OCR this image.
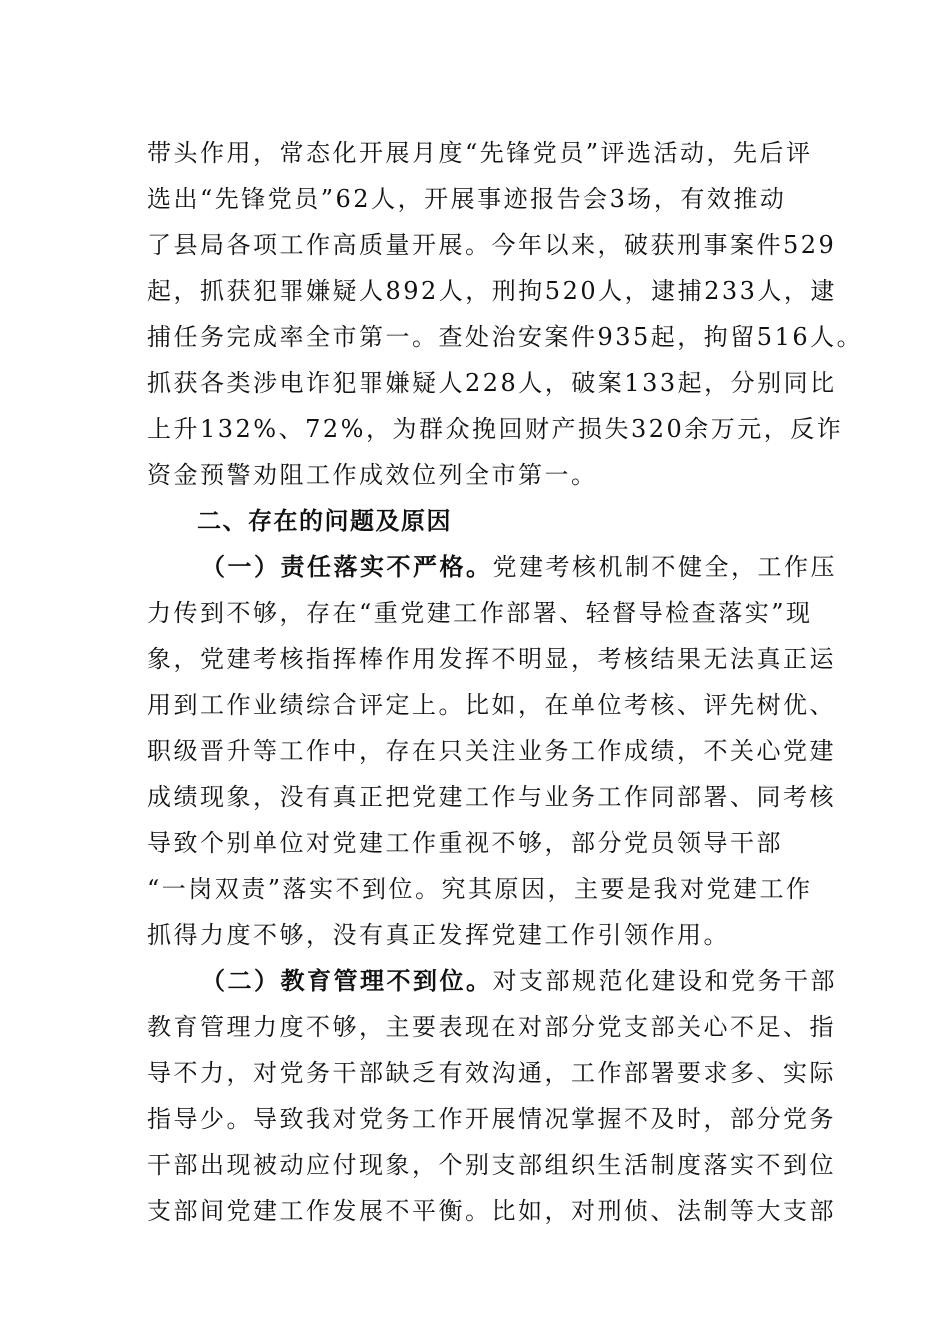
带头作用，常态化开展月度“先锋党员”评选活动，先后评
选出“先锋党员”62人，开展事迹报告会3场，有效推动
了县局各项工作高质量开展。今年以来，破获刑事案件529
起，抓获犯罪嫌疑人892人，刑拘520人，逮捕233人，逮
捕任务完成率全市第一。查处治安案件935起，拘留516人。
抓获各类涉电诈犯罪嫌疑人228人，破案133起，分别同比
上升132%、72%，为群众挽回财产损失320余万元，反诈
资金预警劝阻工作成效位列全市第一。
二、存在的问题及原因
（一）责任落实不严格。党建考核机制不健全，工作压
力传到不够，存在“重党建工作部署、轻督导检查落实”现
象，党建考核指挥棒作用发挥不明显，考核结果无法真正运
用到工作业绩综合评定上。比如，在单位考核、评先树优、
职级晋升等工作中，存在只关注业务工作成绩，不关心党建
成绩现象，没有真正把党建工作与业务工作同部署、同考核
导致个别单位对党建工作重视不够，部分党员领导干部
“一岗双责”落实不到位。究其原因，主要是我对党建工作
抓得力度不够，没有真正发挥党建工作引领作用。
（二）教育管理不到位。对支部规范化建设和党务干部
教育管理力度不够，主要表现在对部分党支部关心不足、指
导不力，对党务干部缺乏有效沟通，工作部署要求多、实际
指导少。导致我对党务工作开展情况掌握不及时，部分党务
干部出现被动应付现象，个别支部组织生活制度落实不到位
支部间党建工作发展不平衡。比如，对刑侦、法制等大支部
